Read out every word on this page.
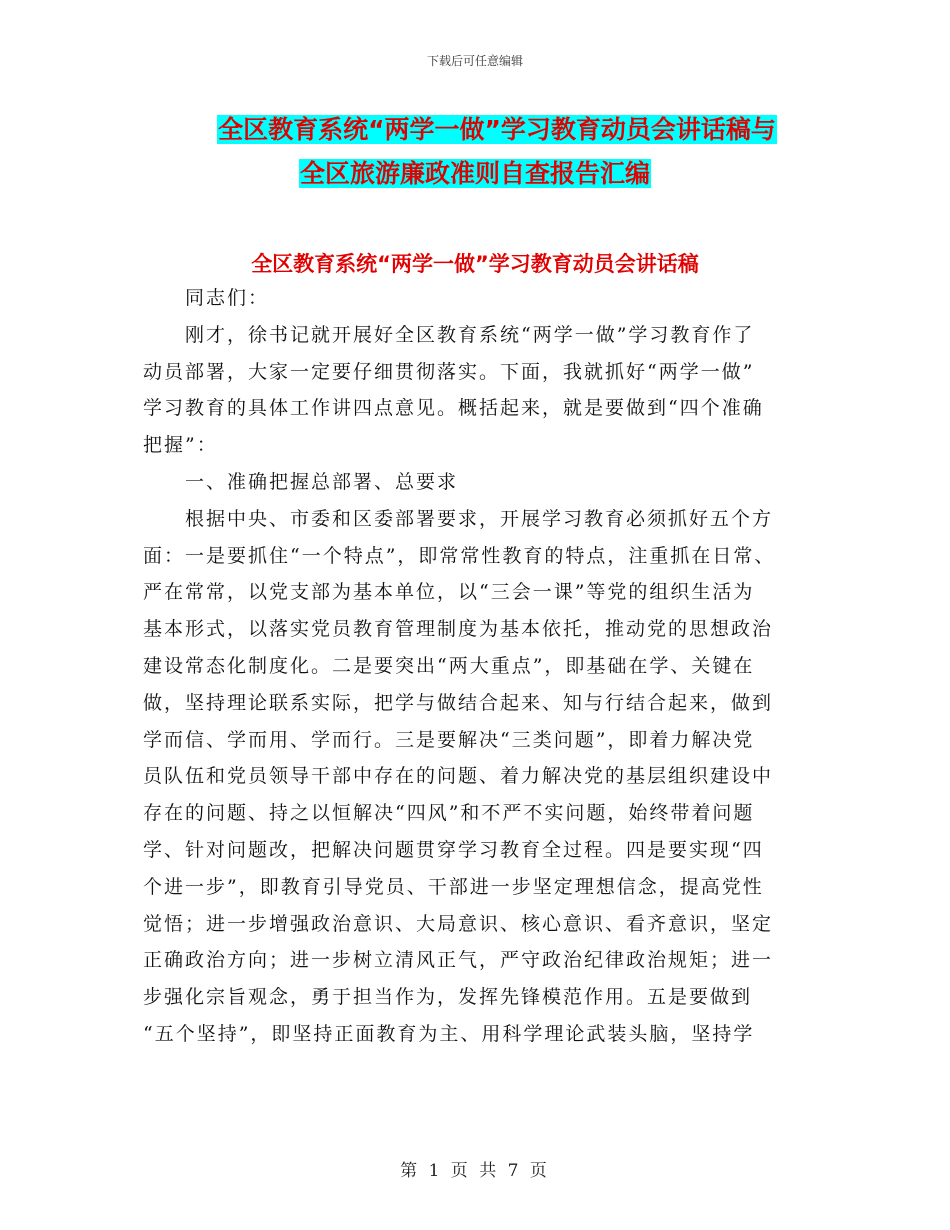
下载后可任意编辑
全区教育系统“两学一做”学习教育动员会讲话稿与
全区旅游廉政准则自查报告汇编
全区教育系统“两学一做”学习教育动员会讲话稿
　　同志们：
　　刚才，徐书记就开展好全区教育系统“两学一做”学习教育作了
动员部署，大家一定要仔细贯彻落实。下面，我就抓好“两学一做”
学习教育的具体工作讲四点意见。概括起来，就是要做到“四个准确
把握”：
　　一、准确把握总部署、总要求
　　根据中央、市委和区委部署要求，开展学习教育必须抓好五个方
面：一是要抓住“一个特点”，即常常性教育的特点，注重抓在日常、
严在常常，以党支部为基本单位，以“三会一课”等党的组织生活为
基本形式，以落实党员教育管理制度为基本依托，推动党的思想政治
建设常态化制度化。二是要突出“两大重点”，即基础在学、关键在
做，坚持理论联系实际，把学与做结合起来、知与行结合起来，做到
学而信、学而用、学而行。三是要解决“三类问题”，即着力解决党
员队伍和党员领导干部中存在的问题、着力解决党的基层组织建设中
存在的问题、持之以恒解决“四风”和不严不实问题，始终带着问题
学、针对问题改，把解决问题贯穿学习教育全过程。四是要实现“四
个进一步”，即教育引导党员、干部进一步坚定理想信念，提高党性
觉悟；进一步增强政治意识、大局意识、核心意识、看齐意识，坚定
正确政治方向；进一步树立清风正气，严守政治纪律政治规矩；进一
步强化宗旨观念，勇于担当作为，发挥先锋模范作用。五是要做到
“五个坚持”，即坚持正面教育为主、用科学理论武装头脑，坚持学
第 1 页 共 7 页
